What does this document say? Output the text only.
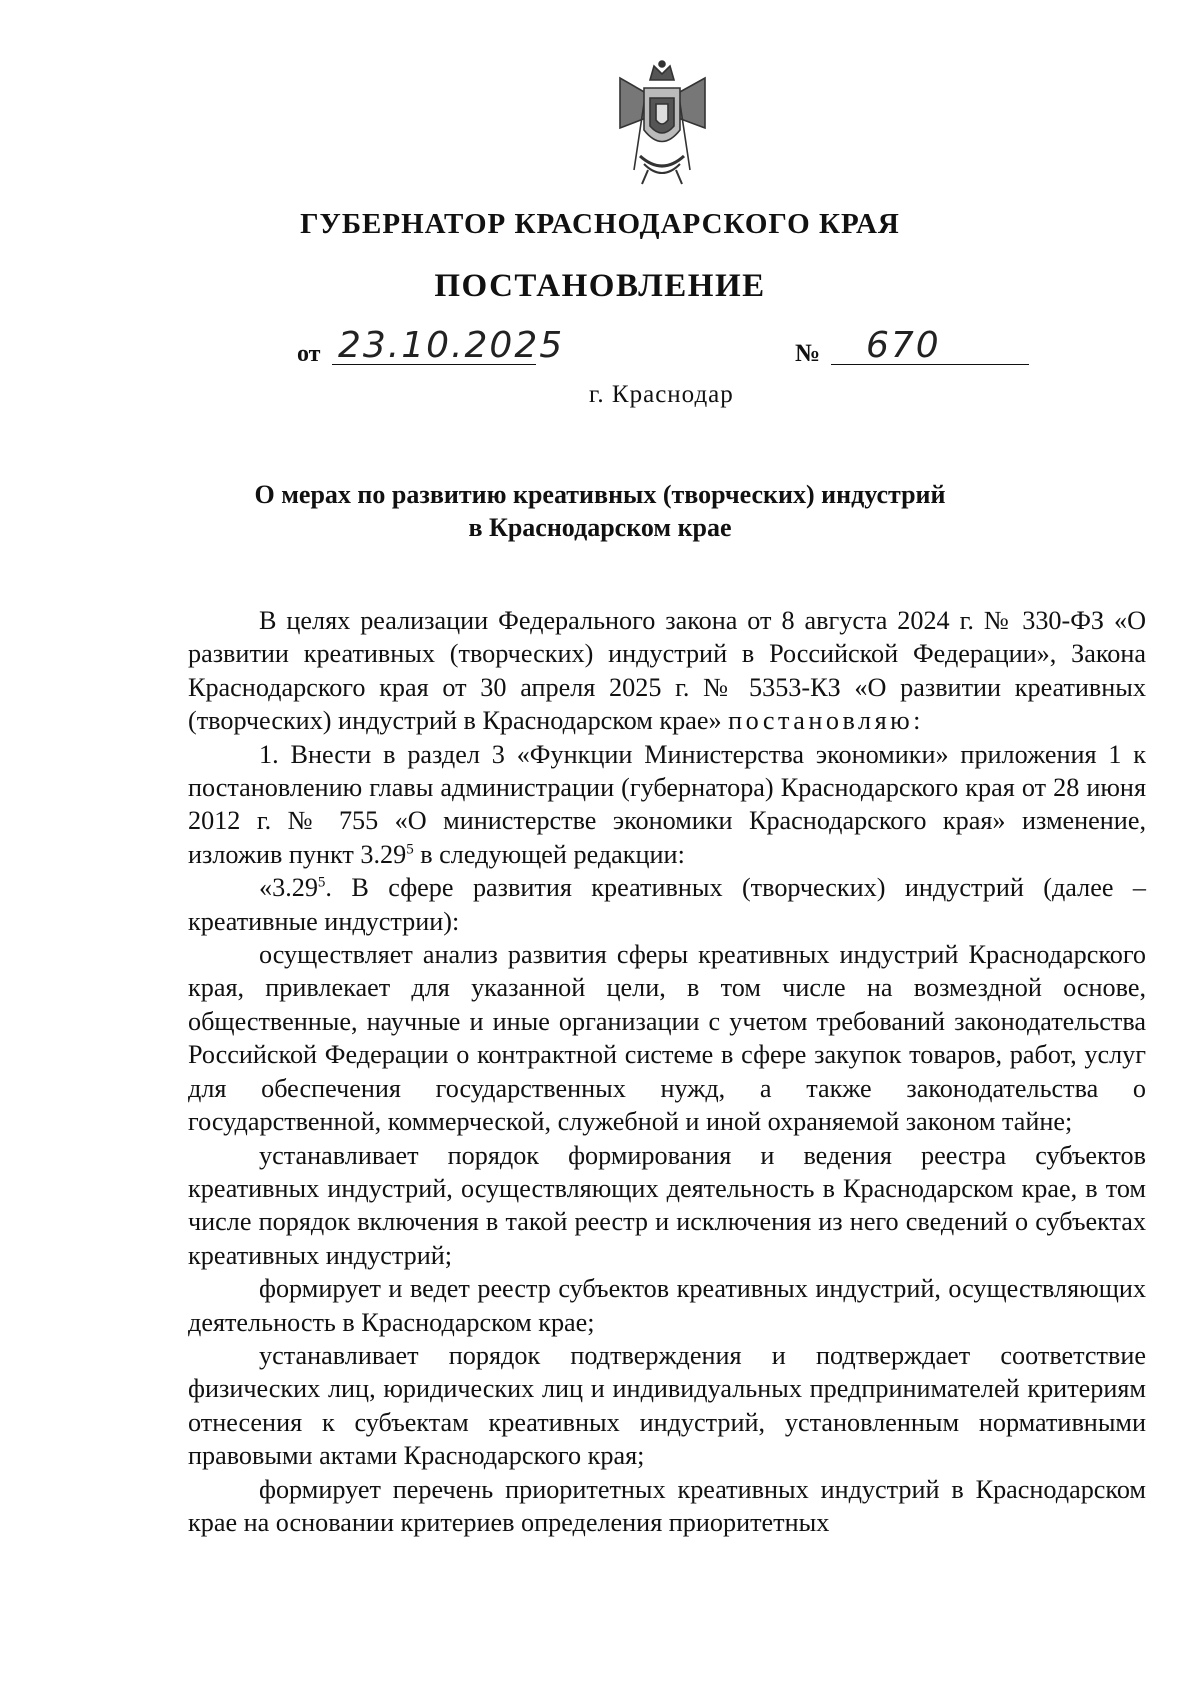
ГУБЕРНАТОР КРАСНОДАРСКОГО КРАЯ
ПОСТАНОВЛЕНИЕ
от 23.10.2025	№ 670
г. Краснодар
О мерах по развитию креативных (творческих) индустрий
в Краснодарском крае

В целях реализации Федерального закона от 8 августа 2024 г. № 330-ФЗ «О развитии креативных (творческих) индустрий в Российской Федерации», Закона Краснодарского края от 30 апреля 2025 г. № 5353-КЗ «О развитии креативных (творческих) индустрий в Краснодарском крае» постановляю:

1. Внести в раздел 3 «Функции Министерства экономики» приложения 1 к постановлению главы администрации (губернатора) Краснодарского края от 28 июня 2012 г. № 755 «О министерстве экономики Краснодарского края» изменение, изложив пункт 3.29$^5$ в следующей редакции:

«3.29$^5$. В сфере развития креативных (творческих) индустрий (далее – креативные индустрии):

осуществляет анализ развития сферы креативных индустрий Краснодарского края, привлекает для указанной цели, в том числе на возмездной основе, общественные, научные и иные организации с учетом требований законодательства Российской Федерации о контрактной системе в сфере закупок товаров, работ, услуг для обеспечения государственных нужд, а также законодательства о государственной, коммерческой, служебной и иной охраняемой законом тайне;

устанавливает порядок формирования и ведения реестра субъектов креативных индустрий, осуществляющих деятельность в Краснодарском крае, в том числе порядок включения в такой реестр и исключения из него сведений о субъектах креативных индустрий;

формирует и ведет реестр субъектов креативных индустрий, осуществляющих деятельность в Краснодарском крае;

устанавливает порядок подтверждения и подтверждает соответствие физических лиц, юридических лиц и индивидуальных предпринимателей критериям отнесения к субъектам креативных индустрий, установленным нормативными правовыми актами Краснодарского края;

формирует перечень приоритетных креативных индустрий в Краснодарском крае на основании критериев определения приоритетных
